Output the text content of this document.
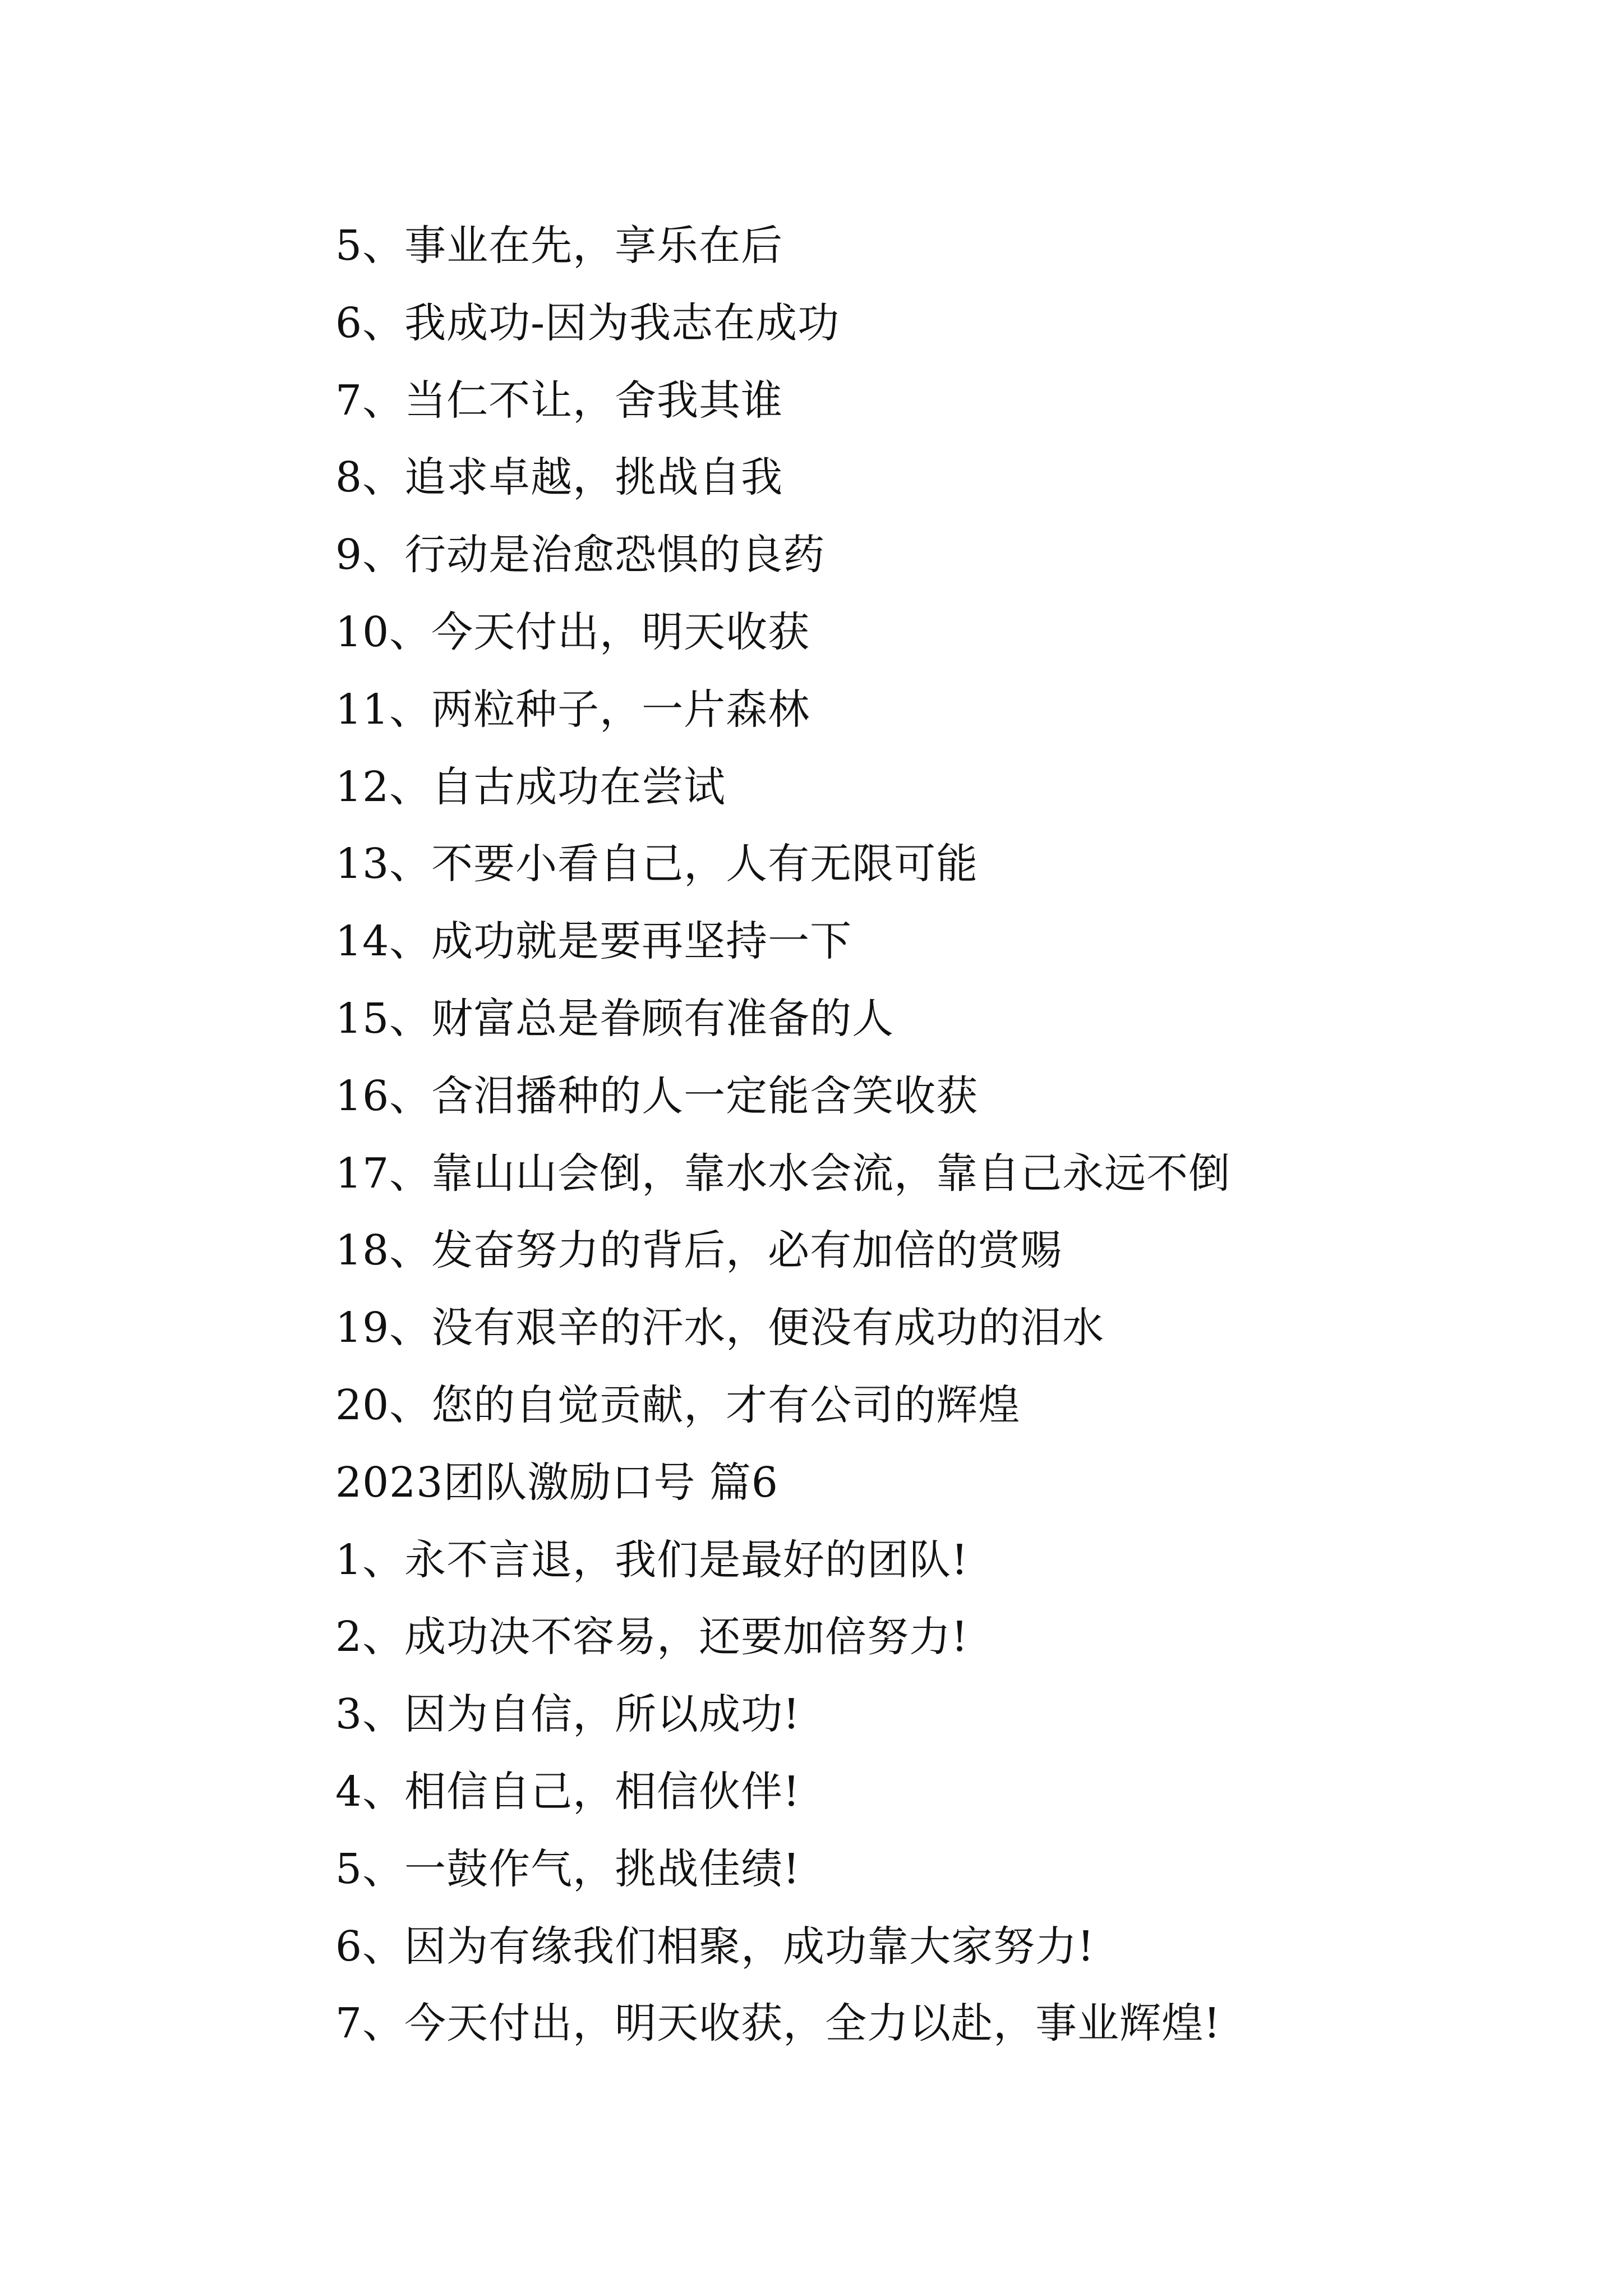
5、事业在先，享乐在后
6、我成功-因为我志在成功
7、当仁不让，舍我其谁
8、追求卓越，挑战自我
9、行动是治愈恐惧的良药
10、今天付出，明天收获
11、两粒种子，一片森林
12、自古成功在尝试
13、不要小看自己，人有无限可能
14、成功就是要再坚持一下
15、财富总是眷顾有准备的人
16、含泪播种的人一定能含笑收获
17、靠山山会倒，靠水水会流，靠自己永远不倒
18、发奋努力的背后，必有加倍的赏赐
19、没有艰辛的汗水，便没有成功的泪水
20、您的自觉贡献，才有公司的辉煌
2023团队激励口号 篇6
1、永不言退，我们是最好的团队!
2、成功决不容易，还要加倍努力!
3、因为自信，所以成功!
4、相信自己，相信伙伴!
5、一鼓作气，挑战佳绩!
6、因为有缘我们相聚，成功靠大家努力!
7、今天付出，明天收获，全力以赴，事业辉煌!
